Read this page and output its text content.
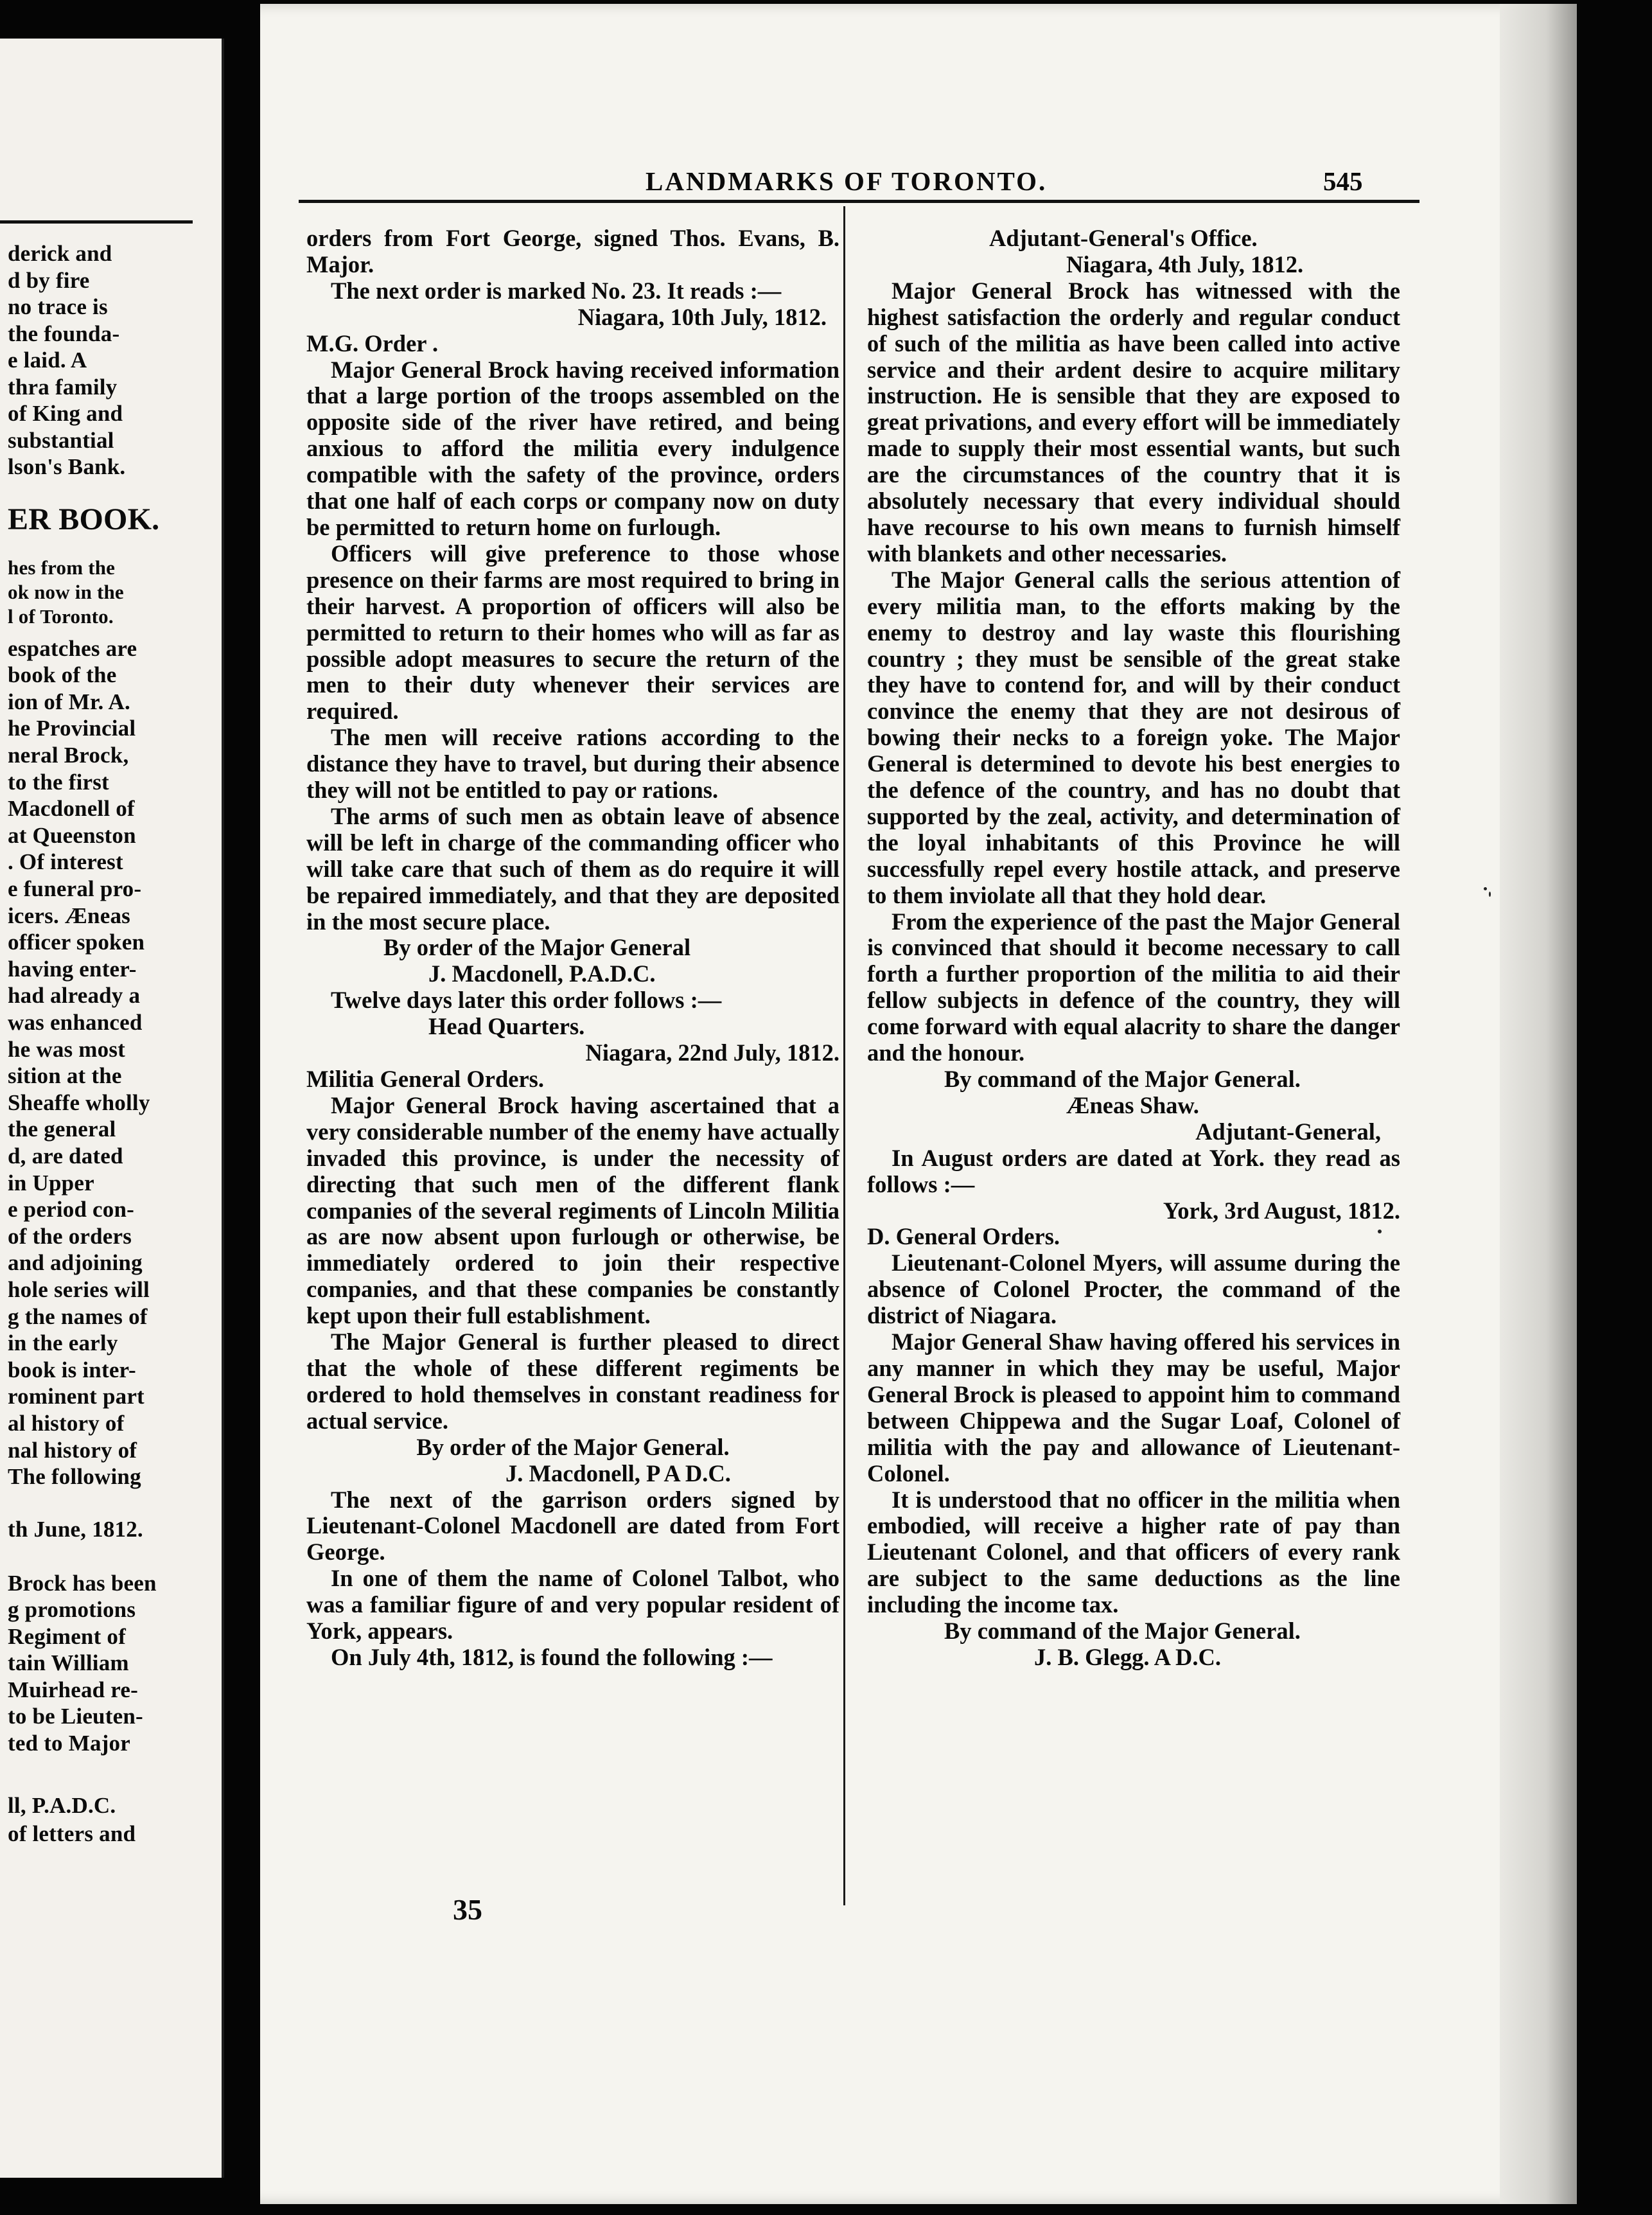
derick and
d by fire
no trace is
the founda-
e laid. A
thra family
of King and
substantial
lson's Bank.
ER BOOK.
hes from the
ok now in the
l of Toronto.
espatches are
book of the
ion of Mr. A.
he Provincial
neral Brock,
to the first
Macdonell of
at Queenston
. Of interest
e funeral pro-
icers. Æneas
officer spoken
having enter-
had already a
was enhanced
he was most
sition at the
Sheaffe wholly
the general
d, are dated
in Upper
e period con-
of the orders
and adjoining
hole series will
g the names of
in the early
book is inter-
rominent part
al history of
nal history of
The following
th June, 1812.
Brock has been
g promotions
Regiment of
tain William
Muirhead re-
to be Lieuten-
ted to Major
ll, P.A.D.C.
of letters and
LANDMARKS OF TORONTO.	545

orders from Fort George, signed Thos. Evans, B. Major.

The next order is marked No. 23. It reads :—

Niagara, 10th July, 1812.

M.G. Order .

Major General Brock having received information that a large portion of the troops assembled on the opposite side of the river have retired, and being anxious to afford the militia every indulgence compatible with the safety of the province, orders that one half of each corps or company now on duty be permitted to return home on furlough.

Officers will give preference to those whose presence on their farms are most required to bring in their harvest. A proportion of officers will also be permitted to return to their homes who will as far as possible adopt measures to secure the return of the men to their duty whenever their services are required.

The men will receive rations according to the distance they have to travel, but during their absence they will not be entitled to pay or rations.

The arms of such men as obtain leave of absence will be left in charge of the commanding officer who will take care that such of them as do require it will be repaired immediately, and that they are deposited in the most secure place.

By order of the Major General

J. Macdonell, P.A.D.C.

Twelve days later this order follows :—

Head Quarters.

Niagara, 22nd July, 1812.

Militia General Orders.

Major General Brock having ascertained that a very considerable number of the enemy have actually invaded this province, is under the necessity of directing that such men of the different flank companies of the several regiments of Lincoln Militia as are now absent upon furlough or otherwise, be immediately ordered to join their respective companies, and that these companies be constantly kept upon their full establishment.

The Major General is further pleased to direct that the whole of these different regiments be ordered to hold themselves in constant readiness for actual service.

By order of the Major General.

J. Macdonell, P A D.C.

The next of the garrison orders signed by Lieutenant-Colonel Macdonell are dated from Fort George.

In one of them the name of Colonel Talbot, who was a familiar figure of and very popular resident of York, appears.

On July 4th, 1812, is found the following :—

35

Adjutant-General's Office.

Niagara, 4th July, 1812.

Major General Brock has witnessed with the highest satisfaction the orderly and regular conduct of such of the militia as have been called into active service and their ardent desire to acquire military instruction. He is sensible that they are exposed to great privations, and every effort will be immediately made to supply their most essential wants, but such are the circumstances of the country that it is absolutely necessary that every individual should have recourse to his own means to furnish himself with blankets and other necessaries.

The Major General calls the serious attention of every militia man, to the efforts making by the enemy to destroy and lay waste this flourishing country ; they must be sensible of the great stake they have to contend for, and will by their conduct convince the enemy that they are not desirous of bowing their necks to a foreign yoke. The Major General is determined to devote his best energies to the defence of the country, and has no doubt that supported by the zeal, activity, and determination of the loyal inhabitants of this Province he will successfully repel every hostile attack, and preserve to them inviolate all that they hold dear.

From the experience of the past the Major General is convinced that should it become necessary to call forth a further proportion of the militia to aid their fellow subjects in defence of the country, they will come forward with equal alacrity to share the danger and the honour.

By command of the Major General.

Æneas Shaw.

Adjutant-General,

In August orders are dated at York. they read as follows :—

York, 3rd August, 1812.

D. General Orders.

Lieutenant-Colonel Myers, will assume during the absence of Colonel Procter, the command of the district of Niagara.

Major General Shaw having offered his services in any manner in which they may be useful, Major General Brock is pleased to appoint him to command between Chippewa and the Sugar Loaf, Colonel of militia with the pay and allowance of Lieutenant-Colonel.

It is understood that no officer in the militia when embodied, will receive a higher rate of pay than Lieutenant Colonel, and that officers of every rank are subject to the same deductions as the line including the income tax.

By command of the Major General.

J. B. Glegg. A D.C.
